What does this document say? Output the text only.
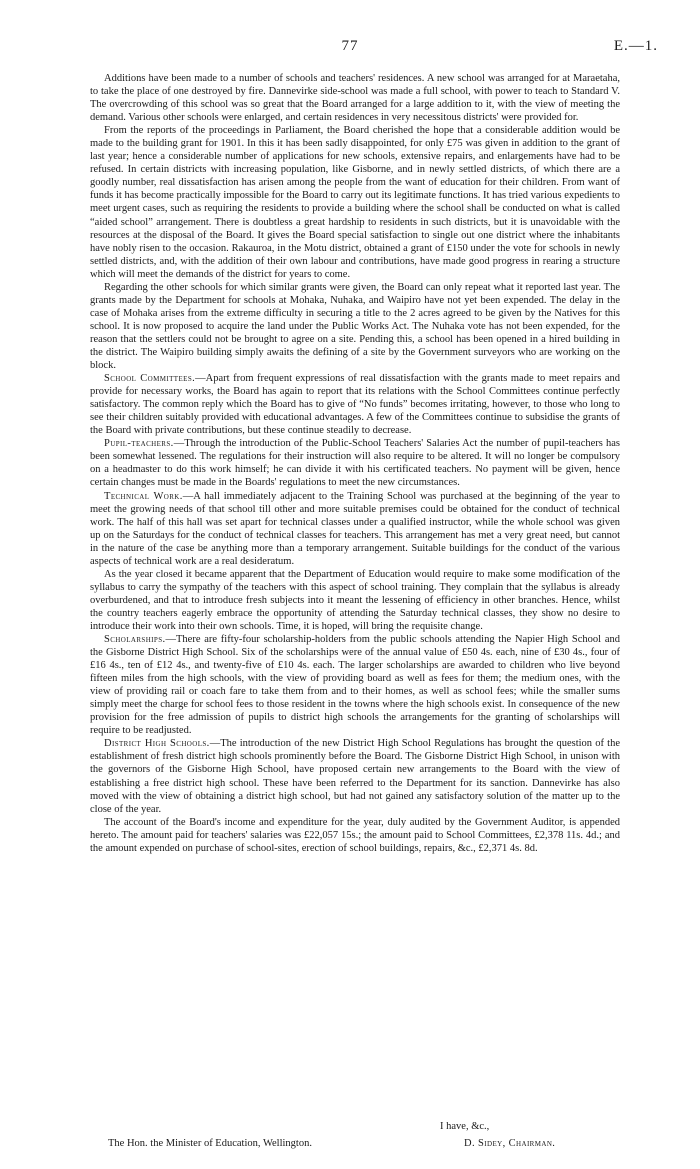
77	E.—1.

Additions have been made to a number of schools and teachers' residences. A new school was arranged for at Maraetaha, to take the place of one destroyed by fire. Dannevirke side-school was made a full school, with power to teach to Standard V. The overcrowding of this school was so great that the Board arranged for a large addition to it, with the view of meeting the demand. Various other schools were enlarged, and certain residences in very necessitous districts' were provided for.

From the reports of the proceedings in Parliament, the Board cherished the hope that a considerable addition would be made to the building grant for 1901. In this it has been sadly disappointed, for only £75 was given in addition to the grant of last year; hence a considerable number of applications for new schools, extensive repairs, and enlargements have had to be refused. In certain districts with increasing population, like Gisborne, and in newly settled districts, of which there are a goodly number, real dissatisfaction has arisen among the people from the want of education for their children. From want of funds it has become practically impossible for the Board to carry out its legitimate functions. It has tried various expedients to meet urgent cases, such as requiring the residents to provide a building where the school shall be conducted on what is called “aided school” arrangement. There is doubtless a great hardship to residents in such districts, but it is unavoidable with the resources at the disposal of the Board. It gives the Board special satisfaction to single out one district where the inhabitants have nobly risen to the occasion. Rakauroa, in the Motu district, obtained a grant of £150 under the vote for schools in newly settled districts, and, with the addition of their own labour and contributions, have made good progress in rearing a structure which will meet the demands of the district for years to come.

Regarding the other schools for which similar grants were given, the Board can only repeat what it reported last year. The grants made by the Department for schools at Mohaka, Nuhaka, and Waipiro have not yet been expended. The delay in the case of Mohaka arises from the extreme difficulty in securing a title to the 2 acres agreed to be given by the Natives for this school. It is now proposed to acquire the land under the Public Works Act. The Nuhaka vote has not been expended, for the reason that the settlers could not be brought to agree on a site. Pending this, a school has been opened in a hired building in the district. The Waipiro building simply awaits the defining of a site by the Government surveyors who are working on the block.

School Committees.—Apart from frequent expressions of real dissatisfaction with the grants made to meet repairs and provide for necessary works, the Board has again to report that its relations with the School Committees continue perfectly satisfactory. The common reply which the Board has to give of “No funds” becomes irritating, however, to those who long to see their children suitably provided with educational advantages. A few of the Committees continue to subsidise the grants of the Board with private contributions, but these continue steadily to decrease.

Pupil-teachers.—Through the introduction of the Public-School Teachers' Salaries Act the number of pupil-teachers has been somewhat lessened. The regulations for their instruction will also require to be altered. It will no longer be compulsory on a headmaster to do this work himself; he can divide it with his certificated teachers. No payment will be given, hence certain changes must be made in the Boards' regulations to meet the new circumstances.

Technical Work.—A hall immediately adjacent to the Training School was purchased at the beginning of the year to meet the growing needs of that school till other and more suitable premises could be obtained for the conduct of technical work. The half of this hall was set apart for technical classes under a qualified instructor, while the whole school was given up on the Saturdays for the conduct of technical classes for teachers. This arrangement has met a very great need, but cannot in the nature of the case be anything more than a temporary arrangement. Suitable buildings for the conduct of the various aspects of technical work are a real desideratum.

As the year closed it became apparent that the Department of Education would require to make some modification of the syllabus to carry the sympathy of the teachers with this aspect of school training. They complain that the syllabus is already overburdened, and that to introduce fresh subjects into it meant the lessening of efficiency in other branches. Hence, whilst the country teachers eagerly embrace the opportunity of attending the Saturday technical classes, they show no desire to introduce their work into their own schools. Time, it is hoped, will bring the requisite change.

Scholarships.—There are fifty-four scholarship-holders from the public schools attending the Napier High School and the Gisborne District High School. Six of the scholarships were of the annual value of £50 4s. each, nine of £30 4s., four of £16 4s., ten of £12 4s., and twenty-five of £10 4s. each. The larger scholarships are awarded to children who live beyond fifteen miles from the high schools, with the view of providing board as well as fees for them; the medium ones, with the view of providing rail or coach fare to take them from and to their homes, as well as school fees; while the smaller sums simply meet the charge for school fees to those resident in the towns where the high schools exist. In consequence of the new provision for the free admission of pupils to district high schools the arrangements for the granting of scholarships will require to be readjusted.

District High Schools.—The introduction of the new District High School Regulations has brought the question of the establishment of fresh district high schools prominently before the Board. The Gisborne District High School, in unison with the governors of the Gisborne High School, have proposed certain new arrangements to the Board with the view of establishing a free district high school. These have been referred to the Department for its sanction. Dannevirke has also moved with the view of obtaining a district high school, but had not gained any satisfactory solution of the matter up to the close of the year.

The account of the Board's income and expenditure for the year, duly audited by the Government Auditor, is appended hereto. The amount paid for teachers' salaries was £22,057 15s.; the amount paid to School Committees, £2,378 11s. 4d.; and the amount expended on purchase of school-sites, erection of school buildings, repairs, &c., £2,371 4s. 8d.

I have, &c.,
The Hon. the Minister of Education, Wellington.	D. Sidey, Chairman.
